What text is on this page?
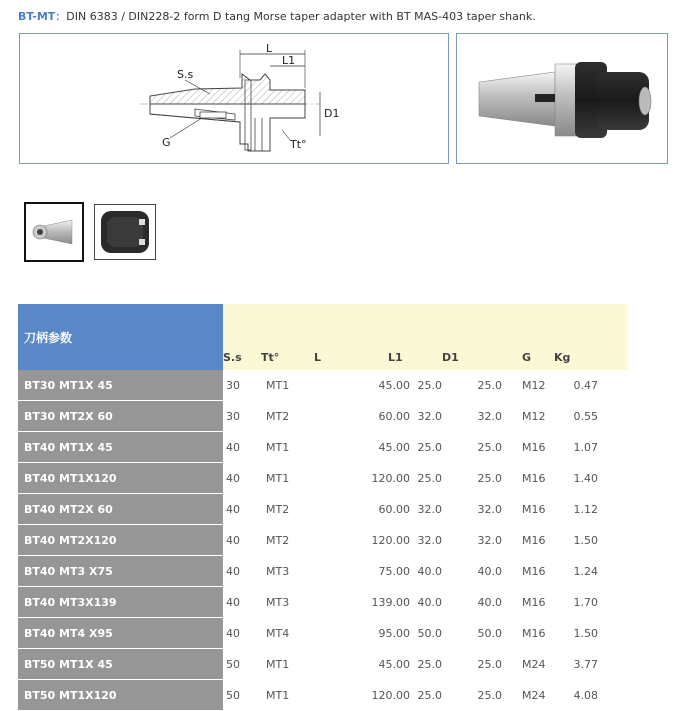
BT-MT：DIN 6383 / DIN228-2 form D tang Morse taper adapter with BT MAS-403 taper shank.
L
L1
D1
S.s
G	Tt°
刀柄参数	S.s	Tt°	L	L1		D1	G	Kg	
BT30 MT1X 45	30	MT1	45.00		25.0	25.0	M12	0.47	
BT30 MT2X 60	30	MT2	60.00		32.0	32.0	M12	0.55	
BT40 MT1X 45	40	MT1	45.00		25.0	25.0	M16	1.07	
BT40 MT1X120	40	MT1	120.00		25.0	25.0	M16	1.40	
BT40 MT2X 60	40	MT2	60.00		32.0	32.0	M16	1.12	
BT40 MT2X120	40	MT2	120.00		32.0	32.0	M16	1.50	
BT40 MT3 X75	40	MT3	75.00		40.0	40.0	M16	1.24	
BT40 MT3X139	40	MT3	139.00		40.0	40.0	M16	1.70	
BT40 MT4 X95	40	MT4	95.00		50.0	50.0	M16	1.50	
BT50 MT1X 45	50	MT1	45.00		25.0	25.0	M24	3.77	
BT50 MT1X120	50	MT1	120.00		25.0	25.0	M24	4.08	
